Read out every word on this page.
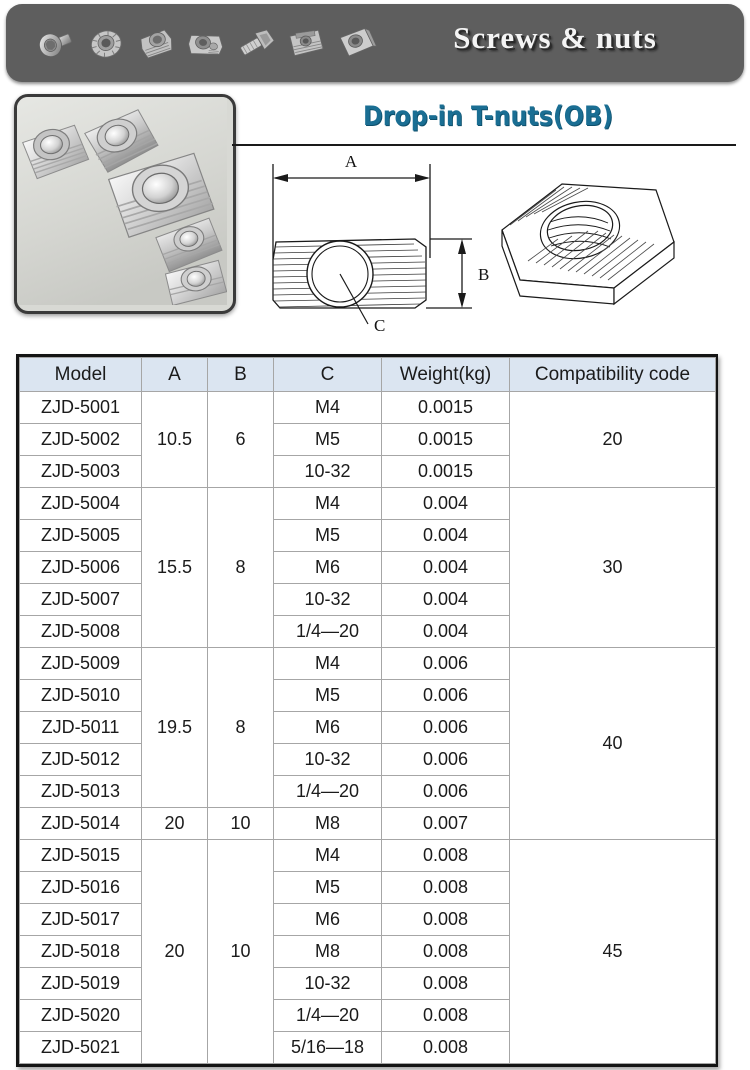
Screws & nuts
Drop-in T-nuts(OB)
A
B
C
Model	A	B	C	Weight(kg)	Compatibility code
ZJD-5001	10.5	6	M4	0.0015	20
ZJD-5002			M5	0.0015	
ZJD-5003			10-32	0.0015	
ZJD-5004	15.5	8	M4	0.004	30
ZJD-5005			M5	0.004	
ZJD-5006			M6	0.004	
ZJD-5007			10-32	0.004	
ZJD-5008			1/4—20	0.004	
ZJD-5009	19.5	8	M4	0.006	40
ZJD-5010			M5	0.006	
ZJD-5011			M6	0.006	
ZJD-5012			10-32	0.006	
ZJD-5013			1/4—20	0.006	
ZJD-5014	20	10	M8	0.007	
ZJD-5015	20	10	M4	0.008	45
ZJD-5016			M5	0.008	
ZJD-5017			M6	0.008	
ZJD-5018			M8	0.008	
ZJD-5019			10-32	0.008	
ZJD-5020			1/4—20	0.008	
ZJD-5021			5/16—18	0.008	
